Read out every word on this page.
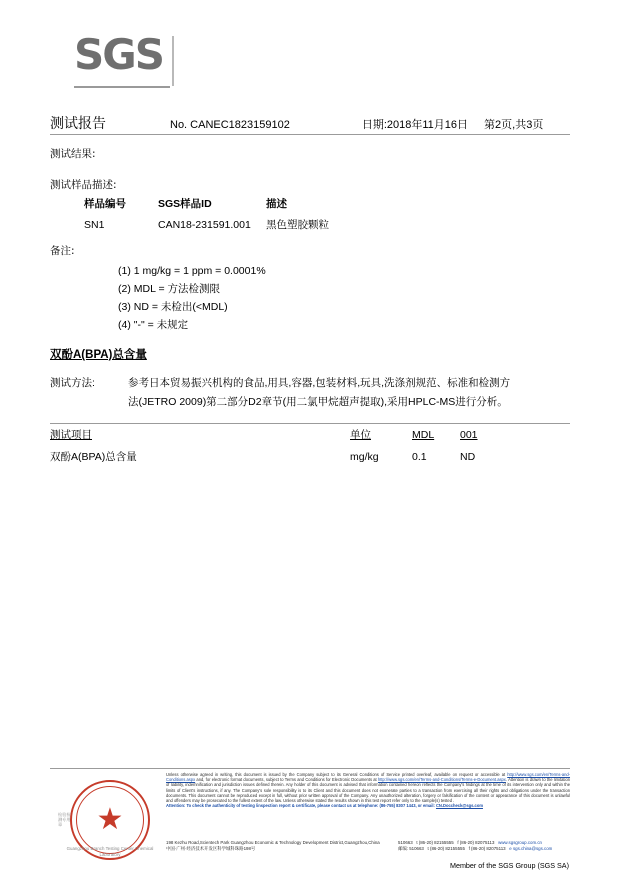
SGS
测试报告	No. CANEC1823159102	日期:2018年11月16日 第2页,共3页
测试结果:
测试样品描述:
样品编号	SGS样品ID	描述
SN1	CAN18-231591.001	黑色塑胶颗粒
备注:
(1) 1 mg/kg = 1 ppm = 0.0001%
(2) MDL = 方法检测限
(3) ND = 未检出(<MDL)
(4) "-" = 未规定
双酚A(BPA)总含量
测试方法:	参考日本贸易振兴机构的食品,用具,容器,包装材料,玩具,洗涤剂规范、标准和检测方
法(JETRO 2009)第二部分D2章节(用二氯甲烷超声提取),采用HPLC-MS进行分析。
测试项目	单位	MDL	001
双酚A(BPA)总含量	mg/kg	0.1	ND
★
Guangzhou Branch Testing Center Chemical Laboratory
检验检测专用章
Unless otherwise agreed in writing, this document is issued by the Company subject to its General Conditions of Service printed overleaf, available on request or accessible at http://www.sgs.com/en/Terms-and-Conditions.aspx and, for electronic format documents, subject to Terms and Conditions for Electronic Documents at http://www.sgs.com/en/Terms-and-Conditions/Terms-e-Document.aspx. Attention is drawn to the limitation of liability, indemnification and jurisdiction issues defined therein. Any holder of this document is advised that information contained hereon reflects the Company's findings at the time of its intervention only and within the limits of Client's instructions, if any. The Company's sole responsibility is to its Client and this document does not exonerate parties to a transaction from exercising all their rights and obligations under the transaction documents. This document cannot be reproduced except in full, without prior written approval of the Company. Any unauthorized alteration, forgery or falsification of the content or appearance of this document is unlawful and offenders may be prosecuted to the fullest extent of the law. Unless otherwise stated the results shown in this test report refer only to the sample(s) tested .
Attention: To check the authenticity of testing /inspection report & certificate, please contact us at telephone: (86-755) 8307 1443, or email: CN.Doccheck@sgs.com
198 Kezhu Road,Scientech Park Guangzhou Economic & Technology Development District,Guangzhou,China	510663 t (86-20) 82155555 f (86-20) 82075113 www.sgsgroup.com.cn
中国·广州·经济技术开发区科学城科珠路198号	邮编: 510663 t (86-20) 82155555 f (86-20) 82075113 e sgs.china@sgs.com
Member of the SGS Group (SGS SA)
